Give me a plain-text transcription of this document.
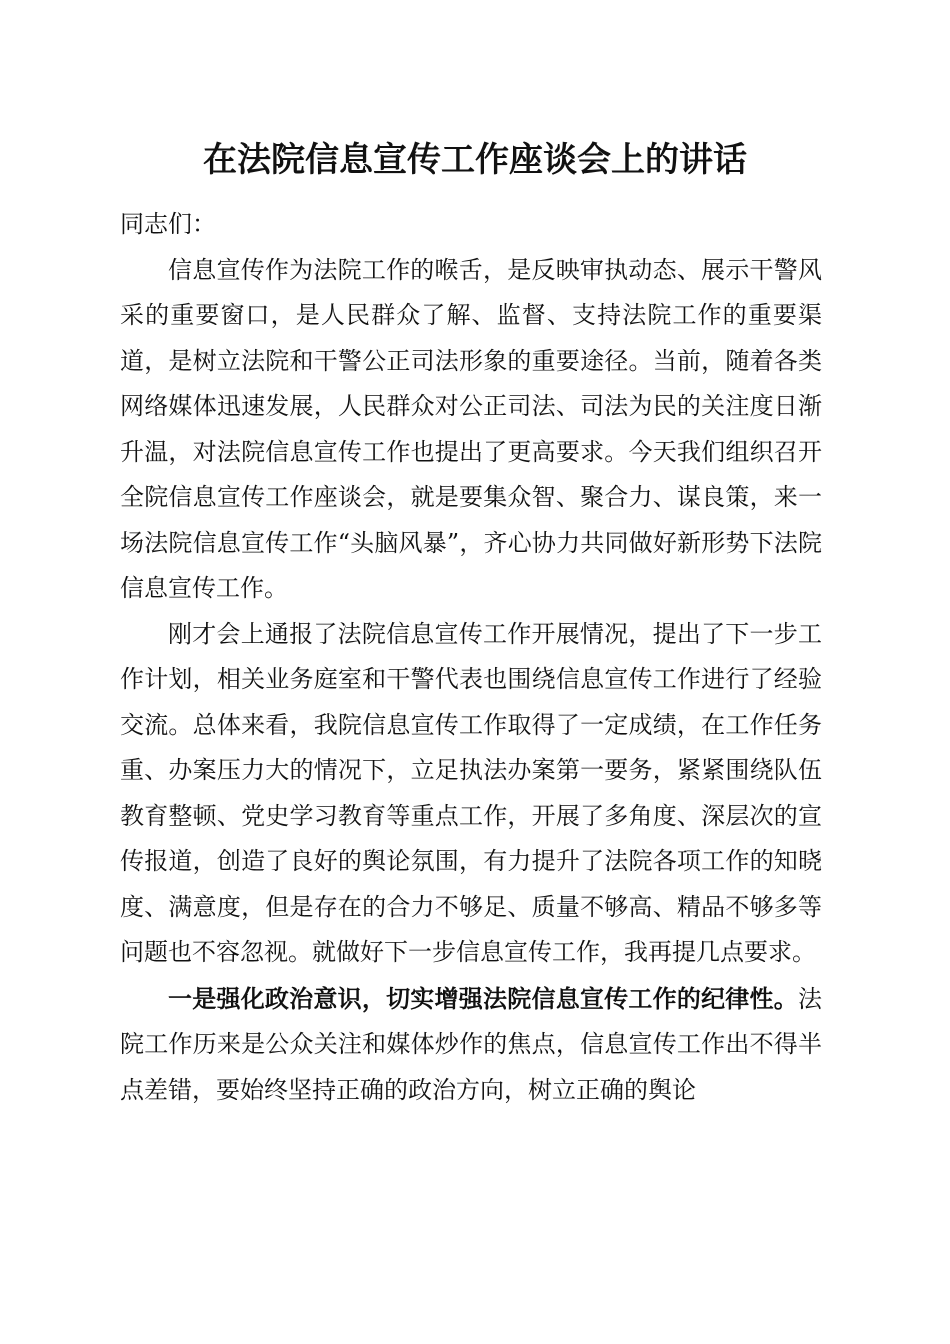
在法院信息宣传工作座谈会上的讲话

同志们：

信息宣传作为法院工作的喉舌，是反映审执动态、展示干警风采的重要窗口，是人民群众了解、监督、支持法院工作的重要渠道，是树立法院和干警公正司法形象的重要途径。当前，随着各类网络媒体迅速发展，人民群众对公正司法、司法为民的关注度日渐升温，对法院信息宣传工作也提出了更高要求。今天我们组织召开全院信息宣传工作座谈会，就是要集众智、聚合力、谋良策，来一场法院信息宣传工作“头脑风暴”，齐心协力共同做好新形势下法院信息宣传工作。

刚才会上通报了法院信息宣传工作开展情况，提出了下一步工作计划，相关业务庭室和干警代表也围绕信息宣传工作进行了经验交流。总体来看，我院信息宣传工作取得了一定成绩，在工作任务重、办案压力大的情况下，立足执法办案第一要务，紧紧围绕队伍教育整顿、党史学习教育等重点工作，开展了多角度、深层次的宣传报道，创造了良好的舆论氛围，有力提升了法院各项工作的知晓度、满意度，但是存在的合力不够足、质量不够高、精品不够多等问题也不容忽视。就做好下一步信息宣传工作，我再提几点要求。

一是强化政治意识，切实增强法院信息宣传工作的纪律性。法院工作历来是公众关注和媒体炒作的焦点，信息宣传工作出不得半点差错，要始终坚持正确的政治方向，树立正确的舆论
